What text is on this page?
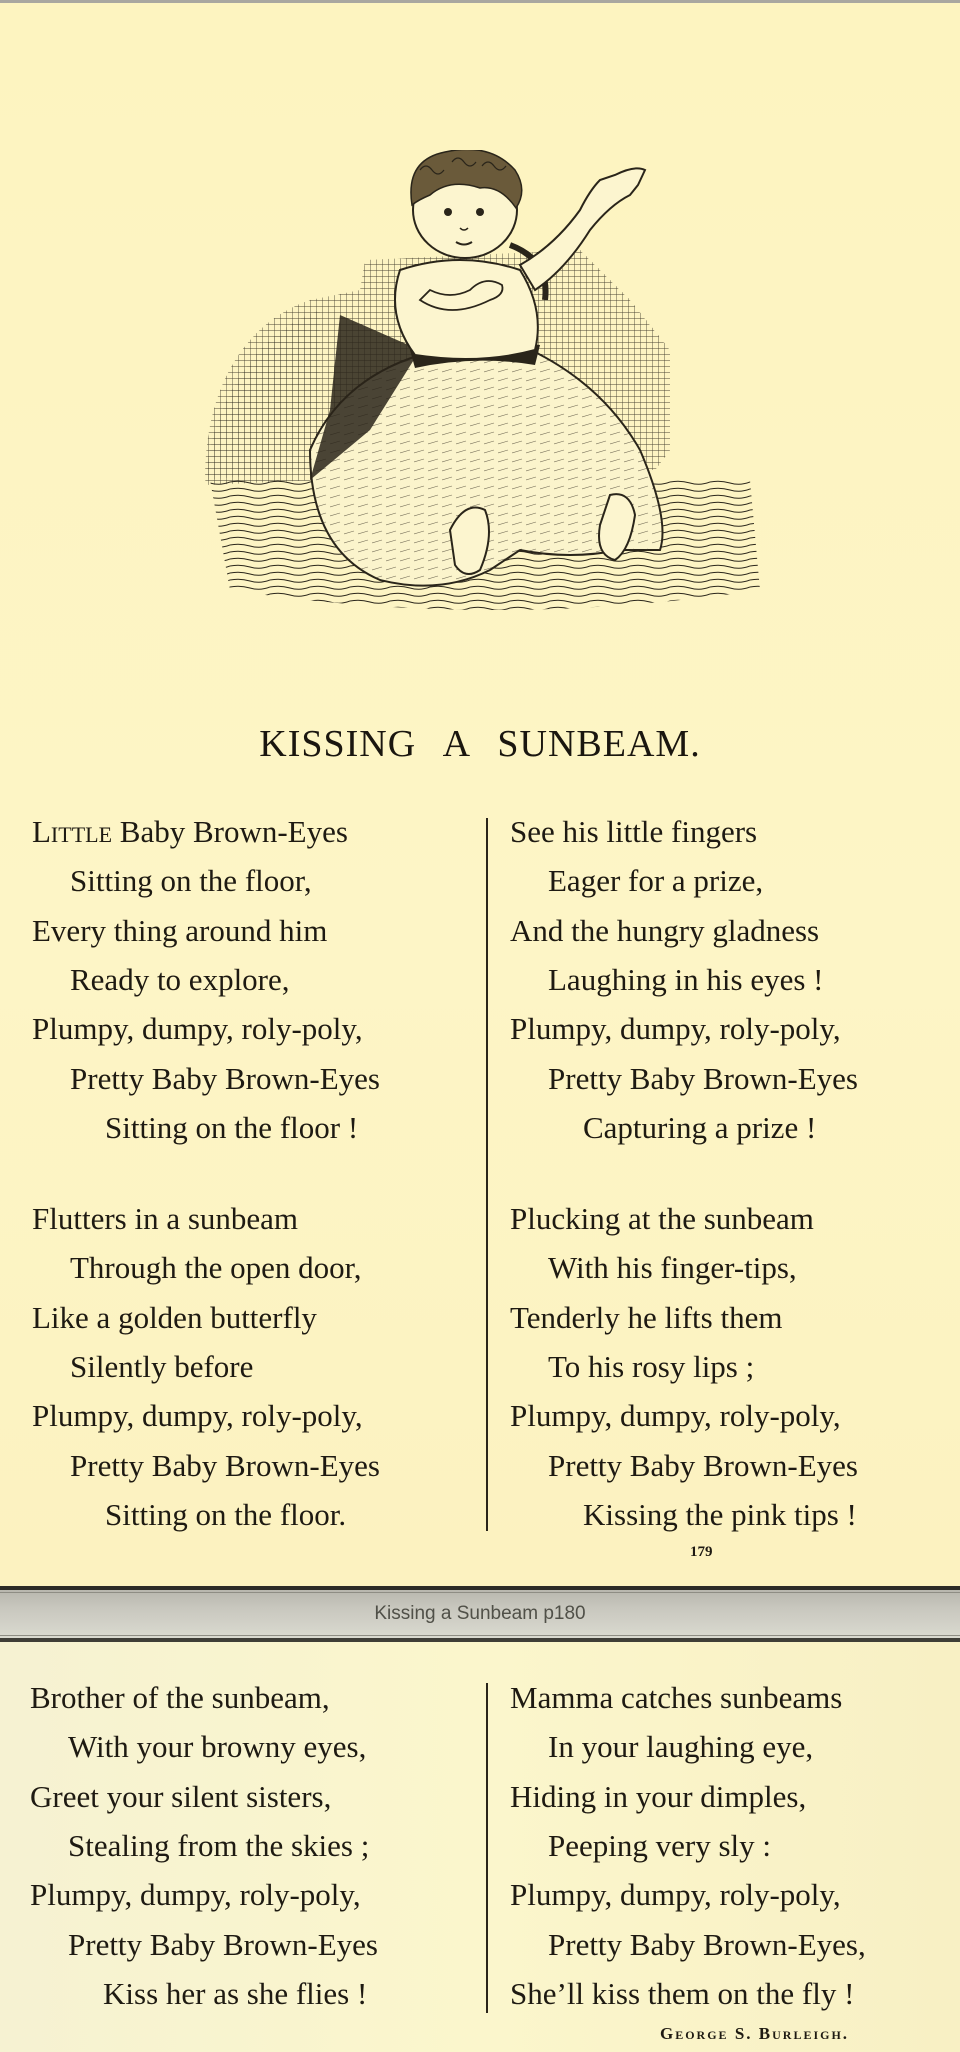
KISSING A SUNBEAM.
Little Baby Brown-Eyes
Sitting on the floor,
Every thing around him
Ready to explore,
Plumpy, dumpy, roly-poly,
Pretty Baby Brown-Eyes
Sitting on the floor !
Flutters in a sunbeam
Through the open door,
Like a golden butterfly
Silently before
Plumpy, dumpy, roly-poly,
Pretty Baby Brown-Eyes
Sitting on the floor.
See his little fingers
Eager for a prize,
And the hungry gladness
Laughing in his eyes !
Plumpy, dumpy, roly-poly,
Pretty Baby Brown-Eyes
Capturing a prize !
Plucking at the sunbeam
With his finger-tips,
Tenderly he lifts them
To his rosy lips ;
Plumpy, dumpy, roly-poly,
Pretty Baby Brown-Eyes
Kissing the pink tips !
179
Kissing a Sunbeam p180
Brother of the sunbeam,
With your browny eyes,
Greet your silent sisters,
Stealing from the skies ;
Plumpy, dumpy, roly-poly,
Pretty Baby Brown-Eyes
Kiss her as she flies !
Mamma catches sunbeams
In your laughing eye,
Hiding in your dimples,
Peeping very sly :
Plumpy, dumpy, roly-poly,
Pretty Baby Brown-Eyes,
She’ll kiss them on the fly !
George S. Burleigh.
